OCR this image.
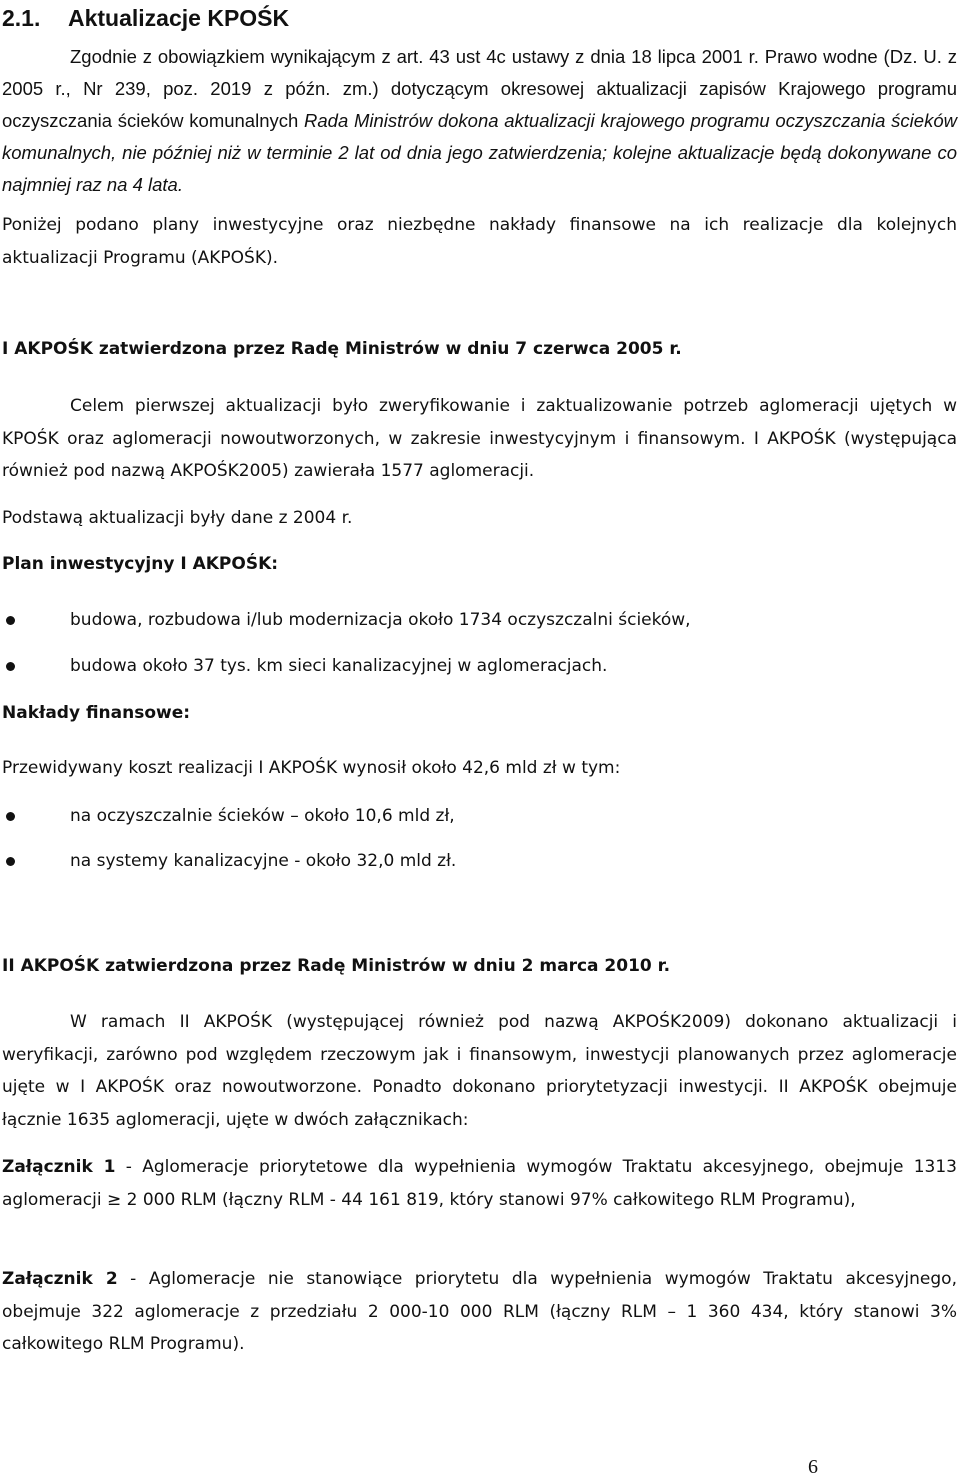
2.1. Aktualizacje KPOŚK

Zgodnie z obowiązkiem wynikającym z art. 43 ust 4c ustawy z dnia 18 lipca 2001 r. Prawo wodne (Dz. U. z 2005 r., Nr 239, poz. 2019 z późn. zm.) dotyczącym okresowej aktualizacji zapisów Krajowego programu oczyszczania ścieków komunalnych Rada Ministrów dokona aktualizacji krajowego programu oczyszczania ścieków komunalnych, nie później niż w terminie 2 lat od dnia jego zatwierdzenia; kolejne aktualizacje będą dokonywane co najmniej raz na 4 lata.

Poniżej podano plany inwestycyjne oraz niezbędne nakłady finansowe na ich realizacje dla kolejnych aktualizacji Programu (AKPOŚK).

I AKPOŚK zatwierdzona przez Radę Ministrów w dniu 7 czerwca 2005 r.

Celem pierwszej aktualizacji było zweryfikowanie i zaktualizowanie potrzeb aglomeracji ujętych w KPOŚK oraz aglomeracji nowoutworzonych, w zakresie inwestycyjnym i finansowym. I AKPOŚK (występująca również pod nazwą AKPOŚK2005) zawierała 1577 aglomeracji.

Podstawą aktualizacji były dane z 2004 r.

Plan inwestycyjny I AKPOŚK:

budowa, rozbudowa i/lub modernizacja około 1734 oczyszczalni ścieków,
budowa około 37 tys. km sieci kanalizacyjnej w aglomeracjach.

Nakłady finansowe:

Przewidywany koszt realizacji I AKPOŚK wynosił około 42,6 mld zł w tym:

na oczyszczalnie ścieków – około 10,6 mld zł,
na systemy kanalizacyjne - około 32,0 mld zł.

II AKPOŚK zatwierdzona przez Radę Ministrów w dniu 2 marca 2010 r.

W ramach II AKPOŚK (występującej również pod nazwą AKPOŚK2009) dokonano aktualizacji i weryfikacji, zarówno pod względem rzeczowym jak i finansowym, inwestycji planowanych przez aglomeracje ujęte w I AKPOŚK oraz nowoutworzone. Ponadto dokonano priorytetyzacji inwestycji. II AKPOŚK obejmuje łącznie 1635 aglomeracji, ujęte w dwóch załącznikach:

Załącznik 1 - Aglomeracje priorytetowe dla wypełnienia wymogów Traktatu akcesyjnego, obejmuje 1313 aglomeracji ≥ 2 000 RLM (łączny RLM - 44 161 819, który stanowi 97% całkowitego RLM Programu),

Załącznik 2 - Aglomeracje nie stanowiące priorytetu dla wypełnienia wymogów Traktatu akcesyjnego, obejmuje 322 aglomeracje z przedziału 2 000-10 000 RLM (łączny RLM – 1 360 434, który stanowi 3% całkowitego RLM Programu).

6
